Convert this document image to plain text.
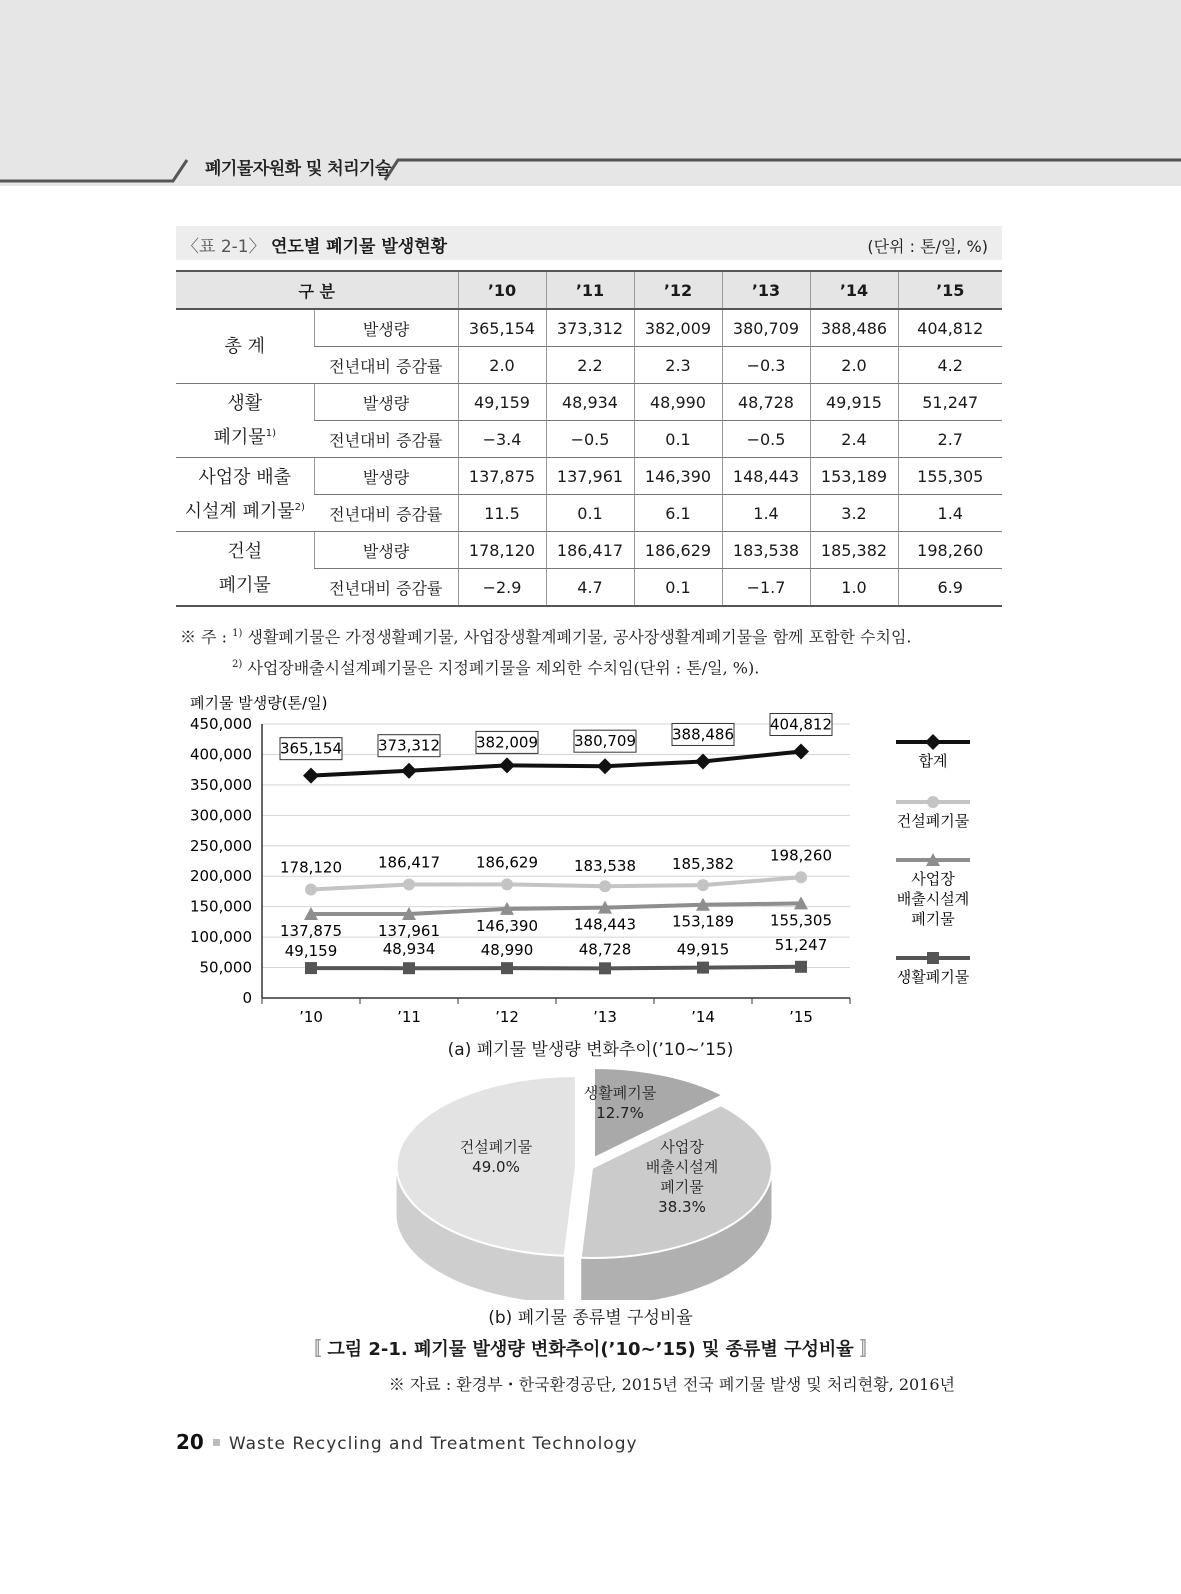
폐기물자원화 및 처리기술
〈표 2-1〉 연도별 폐기물 발생현황	(단위 : 톤/일, %)
구 분		’10	’11	’12	’13	’14	’15
총 계	발생량	365,154	373,312	382,009	380,709	388,486	404,812
	전년대비 증감률	2.0	2.2	2.3	−0.3	2.0	4.2
생활
폐기물$^{1)}$	발생량	49,159	48,934	48,990	48,728	49,915	51,247
	전년대비 증감률	−3.4	−0.5	0.1	−0.5	2.4	2.7
사업장 배출
시설계 폐기물$^{2)}$	발생량	137,875	137,961	146,390	148,443	153,189	155,305
	전년대비 증감률	11.5	0.1	6.1	1.4	3.2	1.4
건설
폐기물	발생량	178,120	186,417	186,629	183,538	185,382	198,260
	전년대비 증감률	−2.9	4.7	0.1	−1.7	1.0	6.9
※ 주 : $^{1)}$ 생활폐기물은 가정생활폐기물, 사업장생활계폐기물, 공사장생활계폐기물을 함께 포함한 수치임.
$^{2)}$ 사업장배출시설계폐기물은 지정폐기물을 제외한 수치임(단위 : 톤/일, %).
폐기물 발생량(톤/일)
0
50,000
100,000
150,000
200,000
250,000
300,000
350,000
400,000
450,000
’10	’11	’12	’13	’14	’15
365,154 373,312 382,009 380,709 388,486
404,812
178,120 186,417 186,629 183,538 185,382 198,260
137,875 137,961 146,390 148,443 153,189 155,305
49,159	48,934	48,990	48,728	49,915	51,247
합계
건설폐기물
사업장
배출시설계
폐기물
생활폐기물
(a) 폐기물 발생량 변화추이(’10∼’15)
생활폐기물
12.7%
사업장
배출시설계
폐기물
38.3%
건설폐기물
49.0%
(b) 폐기물 종류별 구성비율
〚 그림 2-1. 폐기물 발생량 변화추이(’10∼’15) 및 종류별 구성비율 〛
※ 자료 : 환경부・한국환경공단, 2015년 전국 폐기물 발생 및 처리현황, 2016년
20 Waste Recycling and Treatment Technology
